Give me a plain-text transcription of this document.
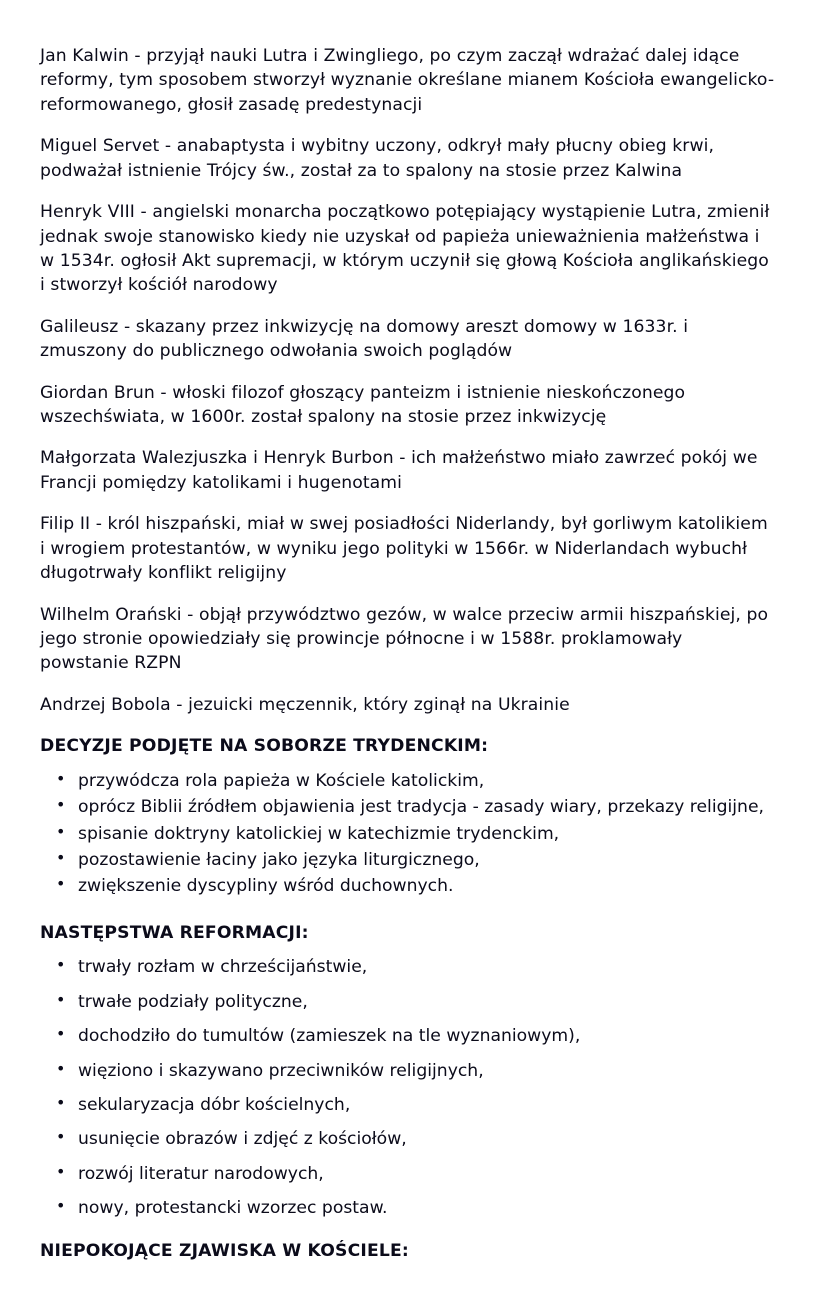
Jan Kalwin - przyjął nauki Lutra i Zwingliego, po czym zaczął wdrażać dalej idące reformy, tym sposobem stworzył wyznanie określane mianem Kościoła ewangelicko-reformowanego, głosił zasadę predestynacji

Miguel Servet - anabaptysta i wybitny uczony, odkrył mały płucny obieg krwi, podważał istnienie Trójcy św., został za to spalony na stosie przez Kalwina

Henryk VIII - angielski monarcha początkowo potępiający wystąpienie Lutra, zmienił jednak swoje stanowisko kiedy nie uzyskał od papieża unieważnienia małżeństwa i w 1534r. ogłosił Akt supremacji, w którym uczynił się głową Kościoła anglikańskiego i stworzył kościół narodowy

Galileusz - skazany przez inkwizycję na domowy areszt domowy w 1633r. i zmuszony do publicznego odwołania swoich poglądów

Giordan Brun - włoski filozof głoszący panteizm i istnienie nieskończonego wszechświata, w 1600r. został spalony na stosie przez inkwizycję

Małgorzata Walezjuszka i Henryk Burbon - ich małżeństwo miało zawrzeć pokój we Francji pomiędzy katolikami i hugenotami

Filip II - król hiszpański, miał w swej posiadłości Niderlandy, był gorliwym katolikiem i wrogiem protestantów, w wyniku jego polityki w 1566r. w Niderlandach wybuchł długotrwały konflikt religijny

Wilhelm Orański - objął przywództwo gezów, w walce przeciw armii hiszpańskiej, po jego stronie opowiedziały się prowincje północne i w 1588r. proklamowały powstanie RZPN

Andrzej Bobola - jezuicki męczennik, który zginął na Ukrainie

DECYZJE PODJĘTE NA SOBORZE TRYDENCKIM:
• przywódcza rola papieża w Kościele katolickim,
• oprócz Biblii źródłem objawienia jest tradycja - zasady wiary, przekazy religijne,
• spisanie doktryny katolickiej w katechizmie trydenckim,
• pozostawienie łaciny jako języka liturgicznego,
• zwiększenie dyscypliny wśród duchownych.
NASTĘPSTWA REFORMACJI:
• trwały rozłam w chrześcijaństwie,
• trwałe podziały polityczne,
• dochodziło do tumultów (zamieszek na tle wyznaniowym),
• więziono i skazywano przeciwników religijnych,
• sekularyzacja dóbr kościelnych,
• usunięcie obrazów i zdjęć z kościołów,
• rozwój literatur narodowych,
• nowy, protestancki wzorzec postaw.
NIEPOKOJĄCE ZJAWISKA W KOŚCIELE:
